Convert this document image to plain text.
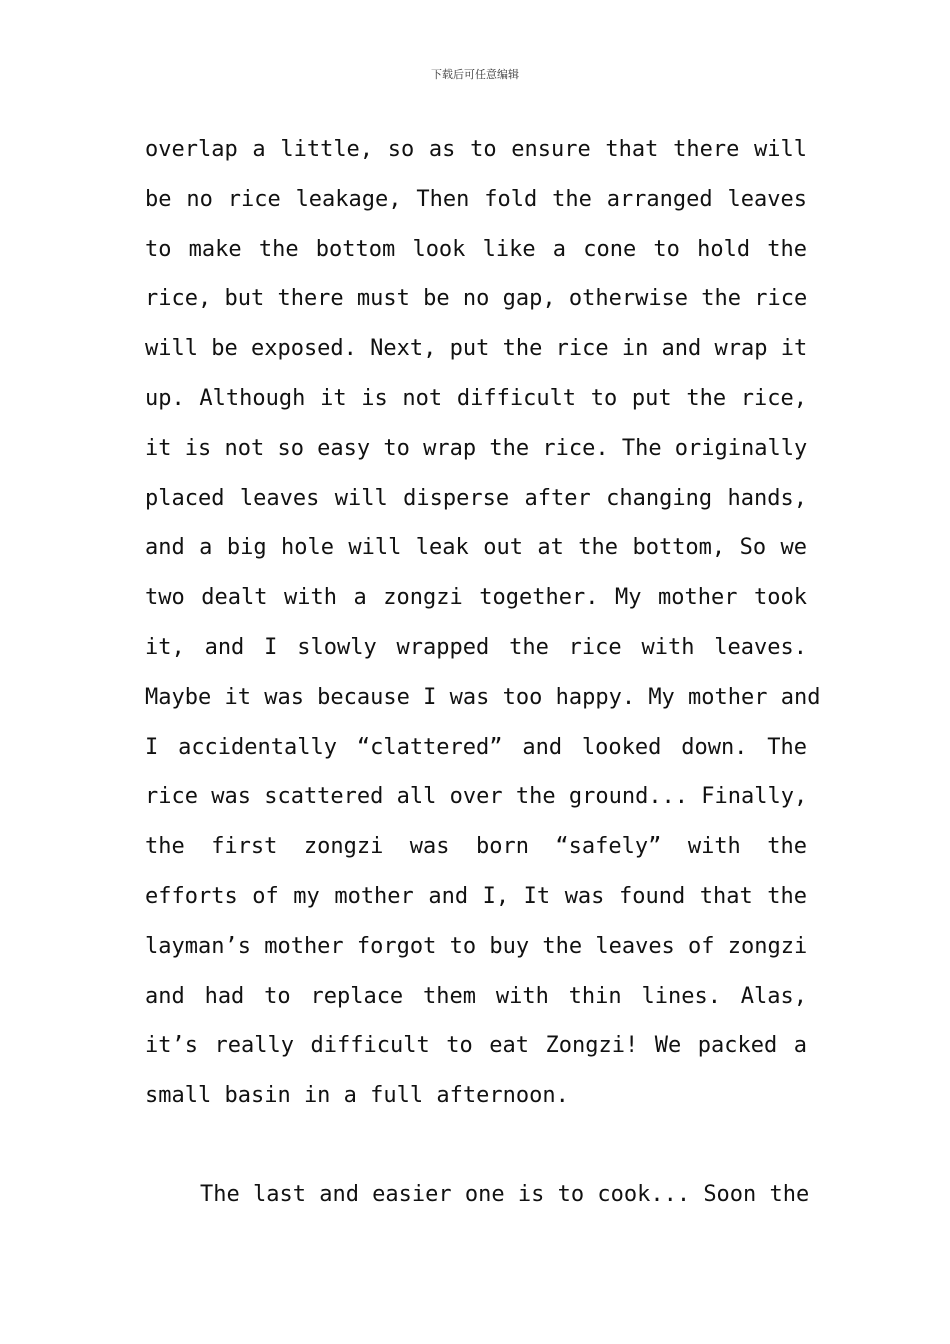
下载后可任意编辑
overlap a little, so as to ensure that there will
be no rice leakage, Then fold the arranged leaves
to make the bottom look like a cone to hold the
rice, but there must be no gap, otherwise the rice
will be exposed. Next, put the rice in and wrap it
up. Although it is not difficult to put the rice,
it is not so easy to wrap the rice. The originally
placed leaves will disperse after changing hands,
and a big hole will leak out at the bottom, So we
two dealt with a zongzi together. My mother took
it, and I slowly wrapped the rice with leaves.
Maybe it was because I was too happy. My mother and
I accidentally “clattered” and looked down. The
rice was scattered all over the ground... Finally,
the first zongzi was born “safely” with the
efforts of my mother and I, It was found that the
layman’s mother forgot to buy the leaves of zongzi
and had to replace them with thin lines. Alas,
it’s really difficult to eat Zongzi! We packed a
small basin in a full afternoon.
The last and easier one is to cook... Soon the
